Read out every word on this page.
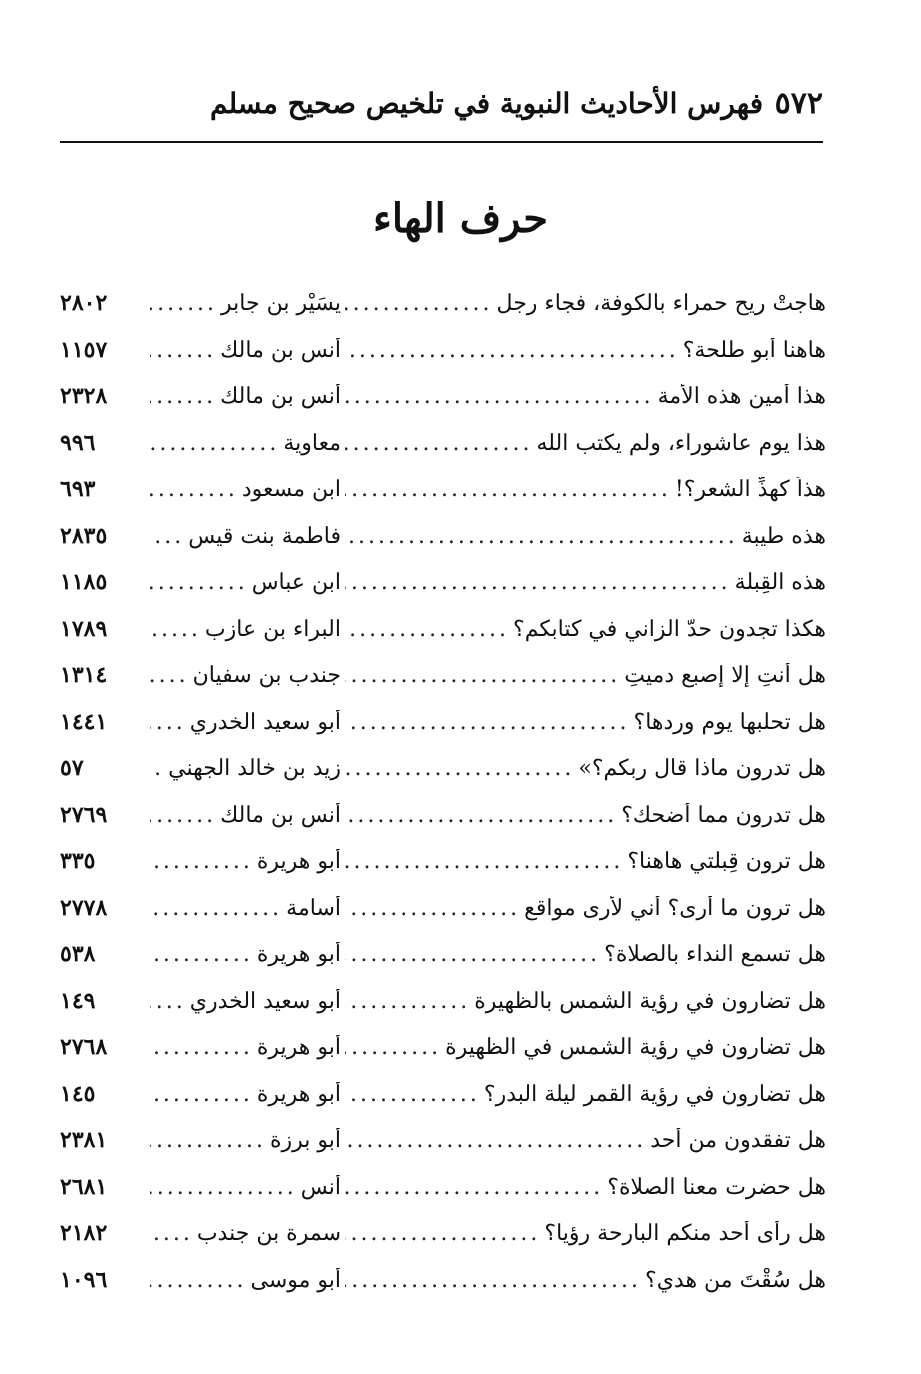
٥٧٢
فهرس الأحاديث النبوية في تلخيص صحيح مسلم
حرف الهاء
هاجتْ ريح حمراء بالكوفة، فجاء رجل
.....
يسَيْر بن جابر
.....
٢٨٠٢
هاهنا أبو طلحة؟
.....
أنس بن مالك
.....
١١٥٧
هذا أمين هذه الأمة
.....
أنس بن مالك
.....
٢٣٢٨
هذا يوم عاشوراء، ولم يكتب الله
.....
معاوية
.....
٩٩٦
هذاً كهذِّ الشعر؟!
.....
ابن مسعود
.....
٦٩٣
هذه طيبة
.....
فاطمة بنت قيس
.....
٢٨٣٥
هذه القِبلة
.....
ابن عباس
.....
١١٨٥
هكذا تجدون حدّ الزاني في كتابكم؟
.....
البراء بن عازب
.....
١٧٨٩
هل أنتِ إلا إصبع دميتِ
.....
جندب بن سفيان
.....
١٣١٤
هل تحلبها يوم وردها؟
.....
أبو سعيد الخدري
.....
١٤٤١
هل تدرون ماذا قال ربكم؟»
.....
زيد بن خالد الجهني
.....
٥٧
هل تدرون مما أضحك؟
.....
أنس بن مالك
.....
٢٧٦٩
هل ترون قِبلتي هاهنا؟
.....
أبو هريرة
.....
٣٣٥
هل ترون ما أرى؟ أني لأرى مواقع
.....
أسامة
.....
٢٧٧٨
هل تسمع النداء بالصلاة؟
.....
أبو هريرة
.....
٥٣٨
هل تضارون في رؤية الشمس بالظهيرة
.....
أبو سعيد الخدري
.....
١٤٩
هل تضارون في رؤية الشمس في الظهيرة
.....
أبو هريرة
.....
٢٧٦٨
هل تضارون في رؤية القمر ليلة البدر؟
.....
أبو هريرة
.....
١٤٥
هل تفقدون من أحد
.....
أبو برزة
.....
٢٣٨١
هل حضرت معنا الصلاة؟
.....
أنس
.....
٢٦٨١
هل رأى أحد منكم البارحة رؤيا؟
.....
سمرة بن جندب
.....
٢١٨٢
هل سُقْتَ من هدي؟
.....
أبو موسى
.....
١٠٩٦
